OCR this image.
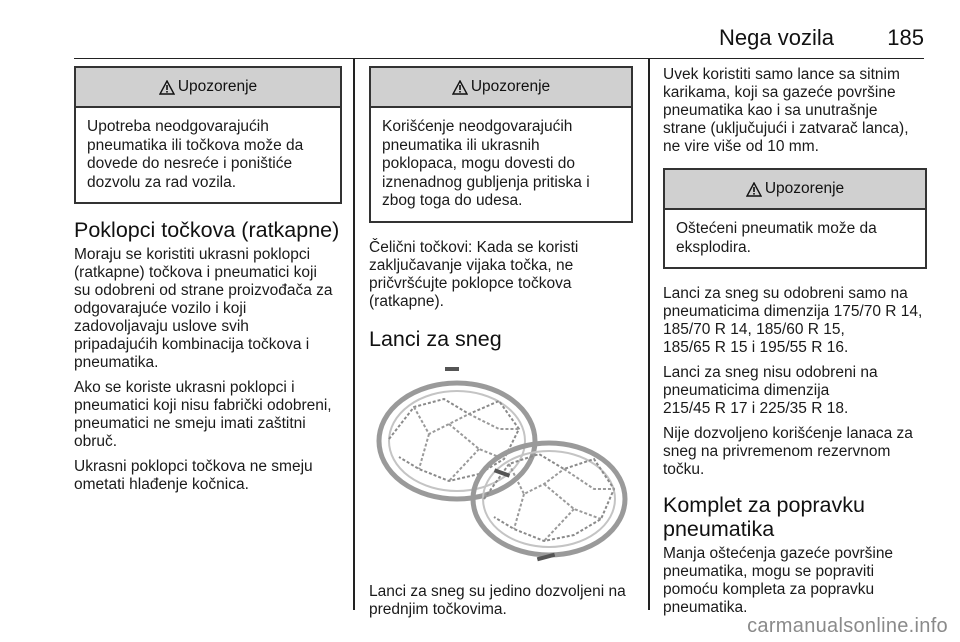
Nega vozila 185
Upozorenje
Upotreba neodgovarajućih
pneumatika ili točkova može da
dovede do nesreće i poništiće
dozvolu za rad vozila.
Poklopci točkova (ratkapne)

Moraju se koristiti ukrasni poklopci
(ratkapne) točkova i pneumatici koji
su odobreni od strane proizvođača za
odgovarajuće vozilo i koji
zadovoljavaju uslove svih
pripadajućih kombinacija točkova i
pneumatika.

Ako se koriste ukrasni poklopci i
pneumatici koji nisu fabrički odobreni,
pneumatici ne smeju imati zaštitni
obruč.

Ukrasni poklopci točkova ne smeju
ometati hlađenje kočnica.

Upozorenje
Korišćenje neodgovarajućih
pneumatika ili ukrasnih
poklopaca, mogu dovesti do
iznenadnog gubljenja pritiska i
zbog toga do udesa.

Čelični točkovi: Kada se koristi
zaključavanje vijaka točka, ne
pričvršćujte poklopce točkova
(ratkapne).

Lanci za sneg

Lanci za sneg su jedino dozvoljeni na
prednjim točkovima.

Uvek koristiti samo lance sa sitnim
karikama, koji sa gazeće površine
pneumatika kao i sa unutrašnje
strane (uključujući i zatvarač lanca),
ne vire više od 10 mm.

Upozorenje
Oštećeni pneumatik može da
eksplodira.

Lanci za sneg su odobreni samo na
pneumaticima dimenzija 175/70 R 14,
185/70 R 14, 185/60 R 15,
185/65 R 15 i 195/55 R 16.

Lanci za sneg nisu odobreni na
pneumaticima dimenzija
215/45 R 17 i 225/35 R 18.

Nije dozvoljeno korišćenje lanaca za
sneg na privremenom rezervnom
točku.

Komplet za popravku
pneumatika

Manja oštećenja gazeće površine
pneumatika, mogu se popraviti
pomoću kompleta za popravku
pneumatika.

carmanualsonline.info
